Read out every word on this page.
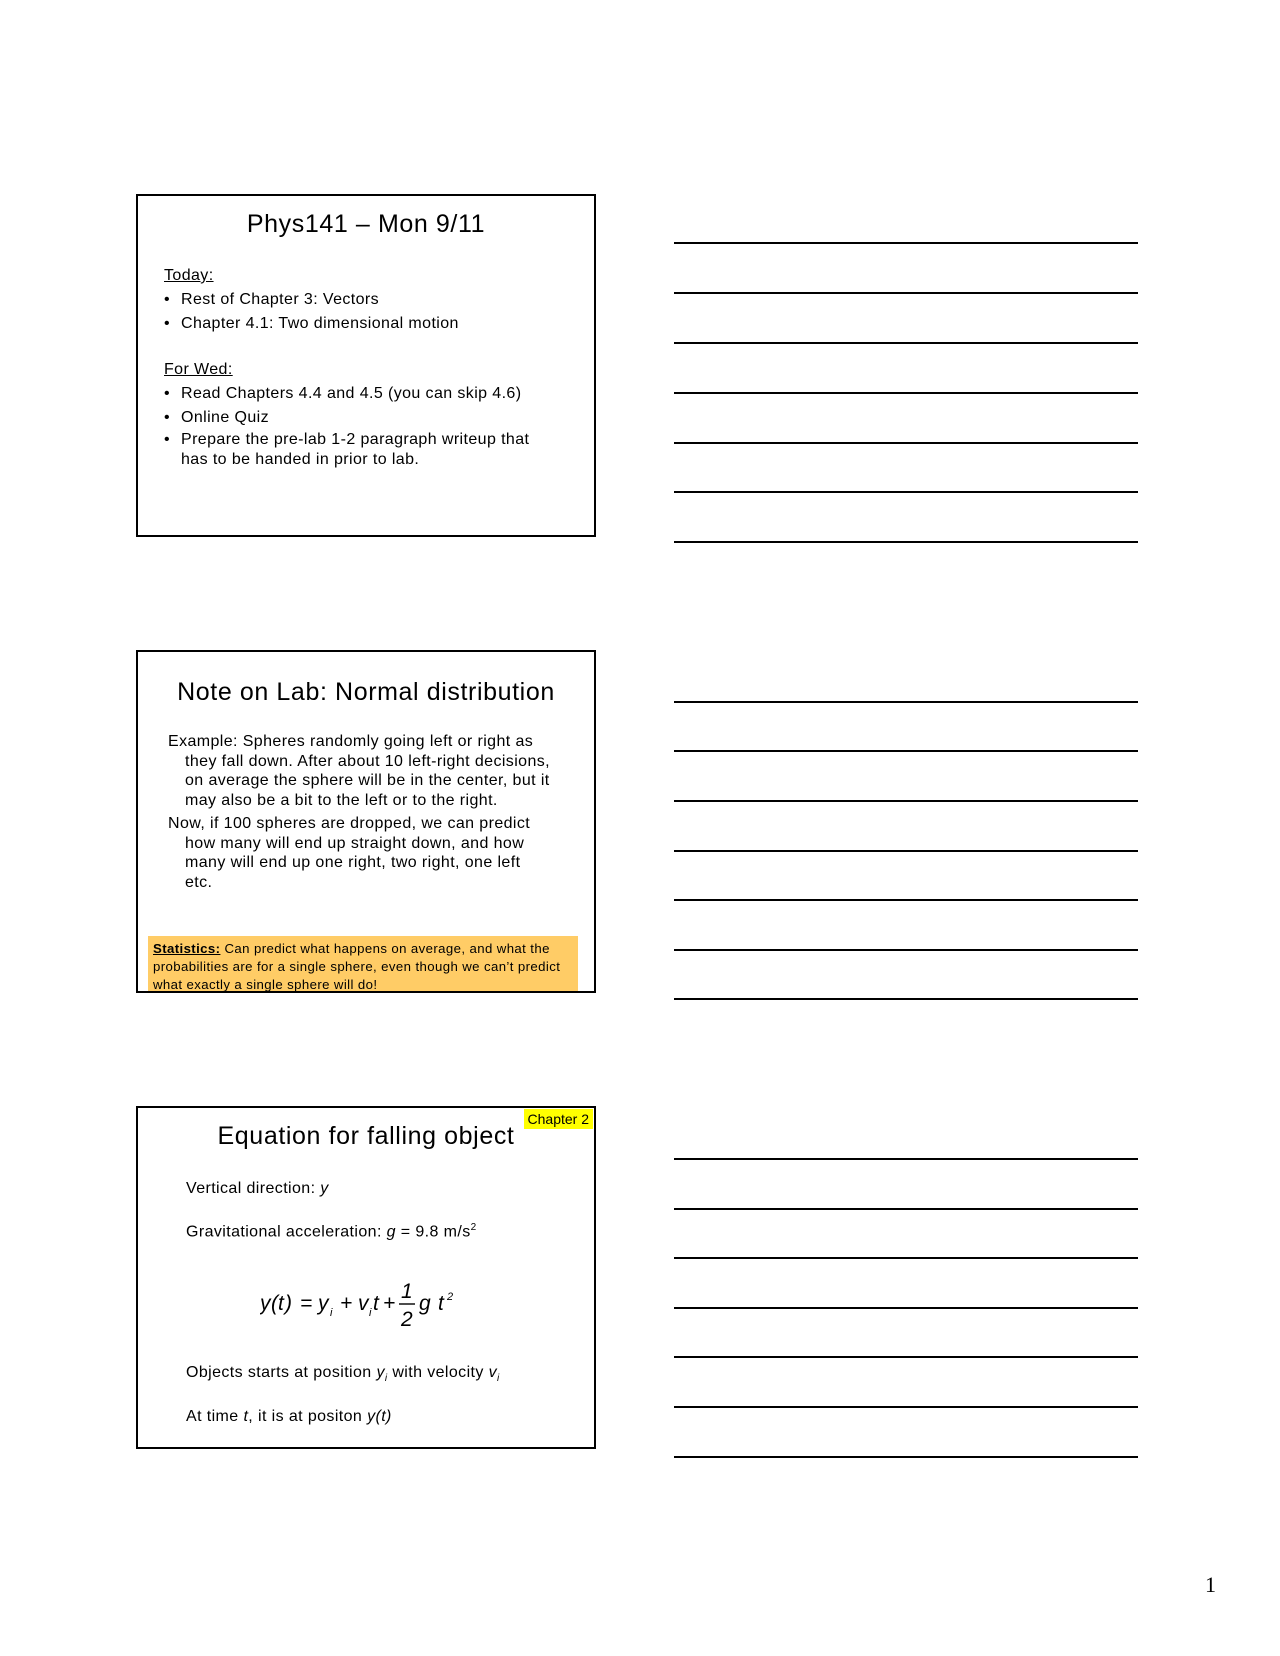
Phys141 – Mon 9/11
Today:
• Rest of Chapter 3: Vectors
• Chapter 4.1: Two dimensional motion
For Wed:
• Read Chapters 4.4 and 4.5 (you can skip 4.6)
• Online Quiz
• Prepare the pre-lab 1-2 paragraph writeup that has to be handed in prior to lab.
Note on Lab: Normal distribution
Example: Spheres randomly going left or right as they fall down. After about 10 left-right decisions, on average the sphere will be in the center, but it may also be a bit to the left or to the right.
Now, if 100 spheres are dropped, we can predict how many will end up straight down, and how many will end up one right, two right, one left etc.
Statistics: Can predict what happens on average, and what the probabilities are for a single sphere, even though we can’t predict what exactly a single sphere will do!
Chapter 2
Equation for falling object
Vertical direction: y
Gravitational acceleration: g = 9.8 $m/s^2$
y ( t ) = y i + v i t +
1
2
g t 2
Objects starts at position $y_i$ with velocity $v_i$
At time t, it is at positon y(t)
1
